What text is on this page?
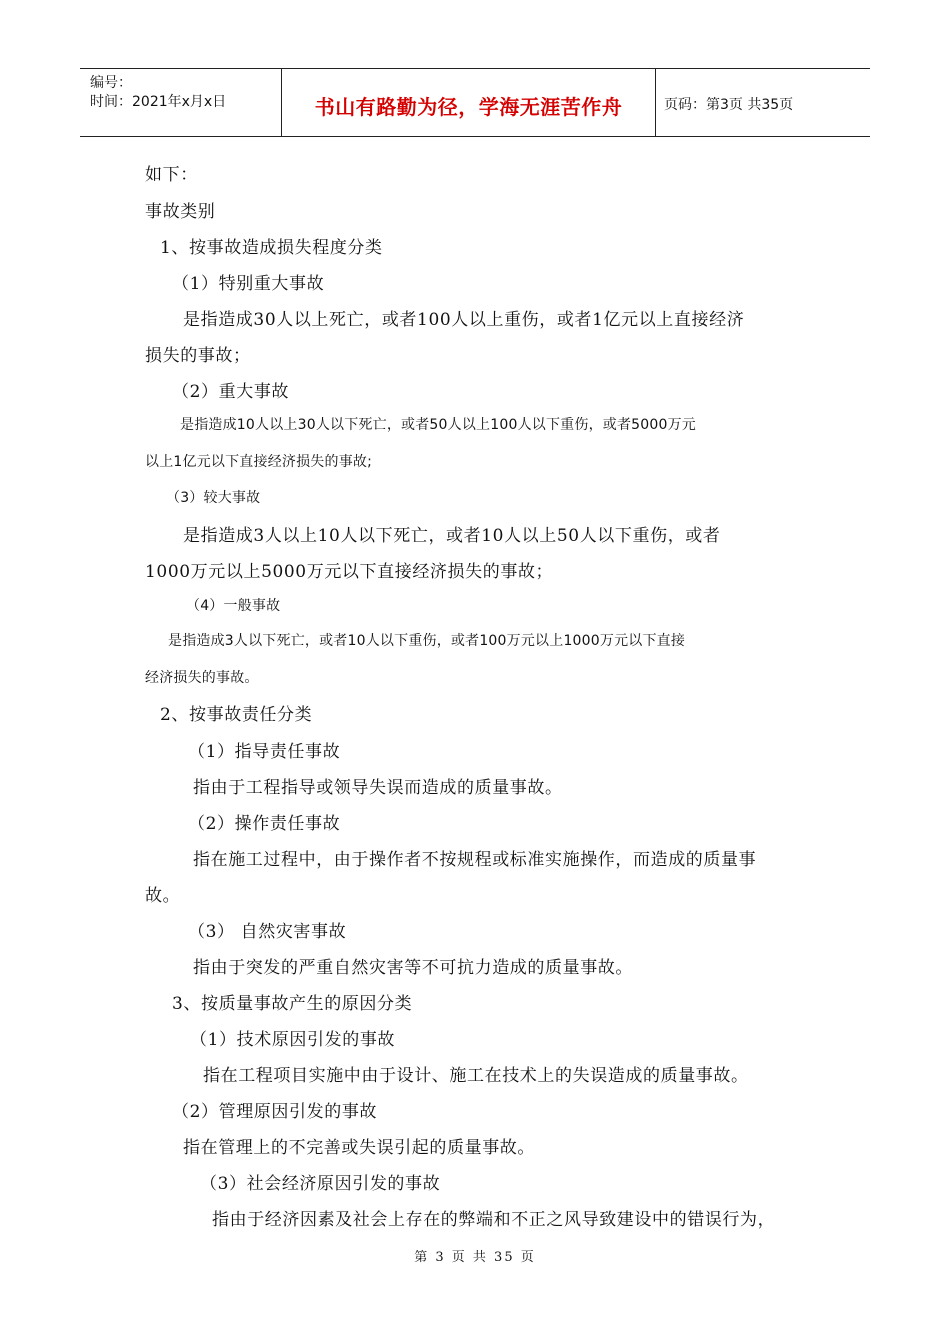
编号：
时间：2021年x月x日	书山有路勤为径，学海无涯苦作舟	页码：第3页 共35页
如下：
事故类别
1、按事故造成损失程度分类
（1）特别重大事故
是指造成30人以上死亡，或者100人以上重伤，或者1亿元以上直接经济
损失的事故；
（2）重大事故
是指造成10人以上30人以下死亡，或者50人以上100人以下重伤，或者5000万元
以上1亿元以下直接经济损失的事故;
（3）较大事故
是指造成3人以上10人以下死亡，或者10人以上50人以下重伤，或者
1000万元以上5000万元以下直接经济损失的事故；
（4）一般事故
是指造成3人以下死亡，或者10人以下重伤，或者100万元以上1000万元以下直接
经济损失的事故。
2、按事故责任分类
（1）指导责任事故
指由于工程指导或领导失误而造成的质量事故。
（2）操作责任事故
指在施工过程中，由于操作者不按规程或标准实施操作，而造成的质量事
故。
（3） 自然灾害事故
指由于突发的严重自然灾害等不可抗力造成的质量事故。
3、按质量事故产生的原因分类
（1）技术原因引发的事故
指在工程项目实施中由于设计、施工在技术上的失误造成的质量事故。
（2）管理原因引发的事故
指在管理上的不完善或失误引起的质量事故。
（3）社会经济原因引发的事故
指由于经济因素及社会上存在的弊端和不正之风导致建设中的错误行为，
第 3 页 共 35 页
